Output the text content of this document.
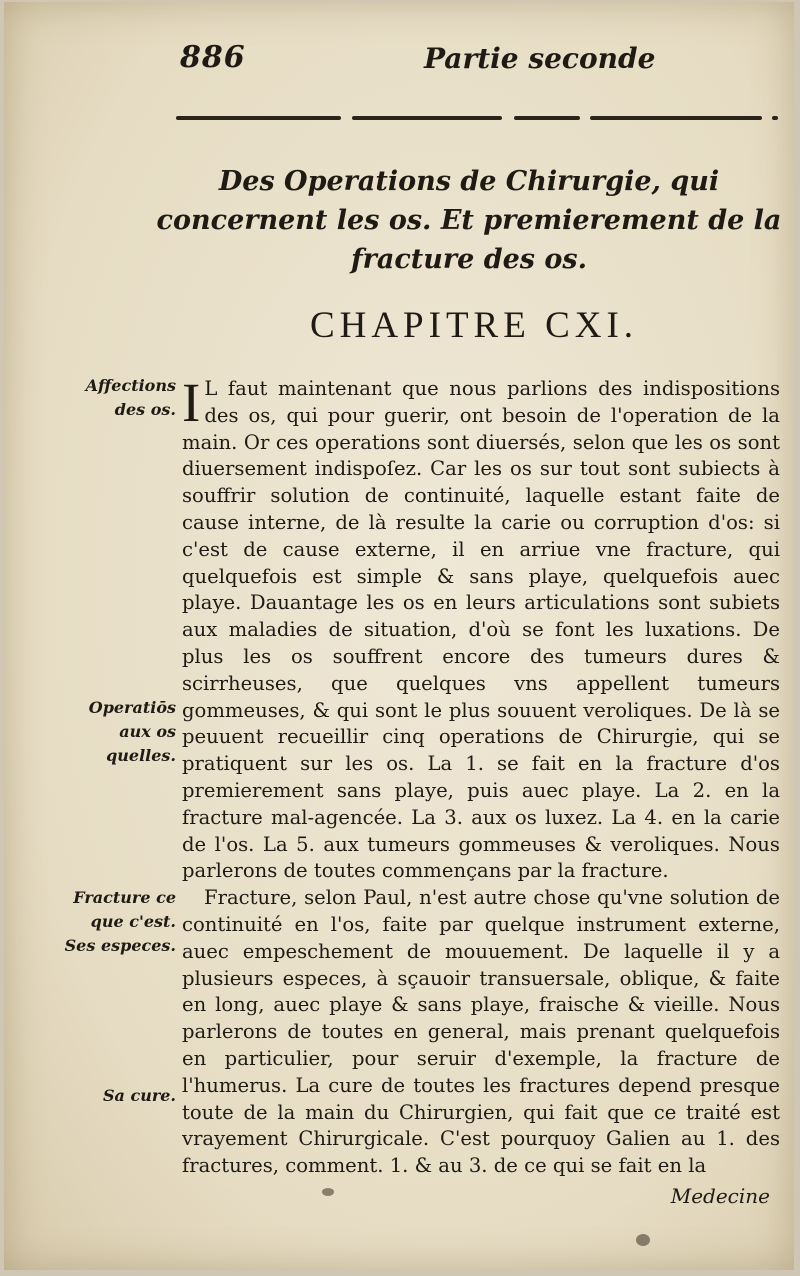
886	Partie seconde
Des Operations de Chirurgie, qui concernent les os. Et premierement de la fracture des os.
CHAPITRE CXI.
Affections des os.
Operatiōs aux os quelles.
Fracture ce que c'est. Ses especes.
Sa cure.

I L faut maintenant que nous parlions des indispositions des os, qui pour guerir, ont besoin de l'operation de la main. Or ces operations sont diuersés, selon que les os sont diuersement indispoſez. Car les os sur tout sont subiects à souffrir solution de continuité, laquelle estant faite de cause interne, de là resulte la carie ou corruption d'os: si c'est de cause externe, il en arriue vne fracture, qui quelquefois est simple & sans playe, quelquefois auec playe. Dauantage les os en leurs articulations sont subiets aux maladies de situation, d'où se font les luxations. De plus les os souffrent encore des tumeurs dures & scirrheuses, que quelques vns appellent tumeurs gommeuses, & qui sont le plus souuent veroliques. De là se peuuent recueillir cinq operations de Chirurgie, qui se pratiquent sur les os. La 1. se fait en la fracture d'os premierement sans playe, puis auec playe. La 2. en la fracture mal-agencée. La 3. aux os luxez. La 4. en la carie de l'os. La 5. aux tumeurs gommeuses & veroliques. Nous parlerons de toutes commençans par la fracture.

Fracture, selon Paul, n'est autre chose qu'vne solution de continuité en l'os, faite par quelque instrument externe, auec empeschement de mouuement. De laquelle il y a plusieurs especes, à sçauoir transuersale, oblique, & faite en long, auec playe & sans playe, fraische & vieille. Nous parlerons de toutes en general, mais prenant quelquefois en particulier, pour seruir d'exemple, la fracture de l'humerus. La cure de toutes les fractures depend presque toute de la main du Chirurgien, qui fait que ce traité est vrayement Chirurgicale. C'est pourquoy Galien au 1. des fractures, comment. 1. & au 3. de ce qui se fait en la

Medecine
